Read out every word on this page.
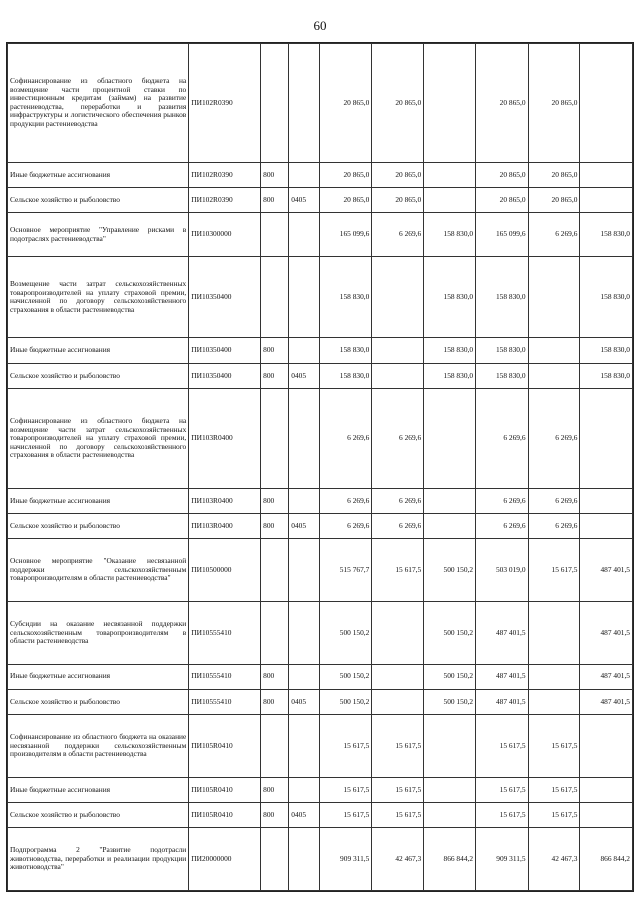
60
Софинансирование из областного бюджета на возмещение части процентной ставки по инвестиционным кредитам (займам) на развитие растениеводства, переработки и развития инфраструктуры и логистического обеспечения рынков продукции растениеводства	ПИ102R0390			20 865,0	20 865,0		20 865,0	20 865,0	
Иные бюджетные ассигнования	ПИ102R0390	800		20 865,0	20 865,0		20 865,0	20 865,0	
Сельское хозяйство и рыболовство	ПИ102R0390	800	0405	20 865,0	20 865,0		20 865,0	20 865,0	
Основное мероприятие "Управление рисками в подотраслях растениеводства"	ПИ10300000			165 099,6	6 269,6	158 830,0	165 099,6	6 269,6	158 830,0
Возмещение части затрат сельскохозяйственных товаропроизводителей на уплату страховой премии, начисленной по договору сельскохозяйственного страхования в области растениеводства	ПИ10350400			158 830,0		158 830,0	158 830,0		158 830,0
Иные бюджетные ассигнования	ПИ10350400	800		158 830,0		158 830,0	158 830,0		158 830,0
Сельское хозяйство и рыболовство	ПИ10350400	800	0405	158 830,0		158 830,0	158 830,0		158 830,0
Софинансирование из областного бюджета на возмещение части затрат сельскохозяйственных товаропроизводителей на уплату страховой премии, начисленной по договору сельскохозяйственного страхования в области растениеводства	ПИ103R0400			6 269,6	6 269,6		6 269,6	6 269,6	
Иные бюджетные ассигнования	ПИ103R0400	800		6 269,6	6 269,6		6 269,6	6 269,6	
Сельское хозяйство и рыболовство	ПИ103R0400	800	0405	6 269,6	6 269,6		6 269,6	6 269,6	
Основное мероприятие "Оказание несвязанной поддержки сельскохозяйственным товаропроизводителям в области растениеводства"	ПИ10500000			515 767,7	15 617,5	500 150,2	503 019,0	15 617,5	487 401,5
Субсидии на оказание несвязанной поддержки сельскохозяйственным товаропроизводителям в области растениеводства	ПИ10555410			500 150,2		500 150,2	487 401,5		487 401,5
Иные бюджетные ассигнования	ПИ10555410	800		500 150,2		500 150,2	487 401,5		487 401,5
Сельское хозяйство и рыболовство	ПИ10555410	800	0405	500 150,2		500 150,2	487 401,5		487 401,5
Софинансирование из областного бюджета на оказание несвязанной поддержки сельскохозяйственным производителям в области растениеводства	ПИ105R0410			15 617,5	15 617,5		15 617,5	15 617,5	
Иные бюджетные ассигнования	ПИ105R0410	800		15 617,5	15 617,5		15 617,5	15 617,5	
Сельское хозяйство и рыболовство	ПИ105R0410	800	0405	15 617,5	15 617,5		15 617,5	15 617,5	
Подпрограмма 2 "Развитие подотрасли животноводства, переработки и реализации продукции животноводства"	ПИ20000000			909 311,5	42 467,3	866 844,2	909 311,5	42 467,3	866 844,2
